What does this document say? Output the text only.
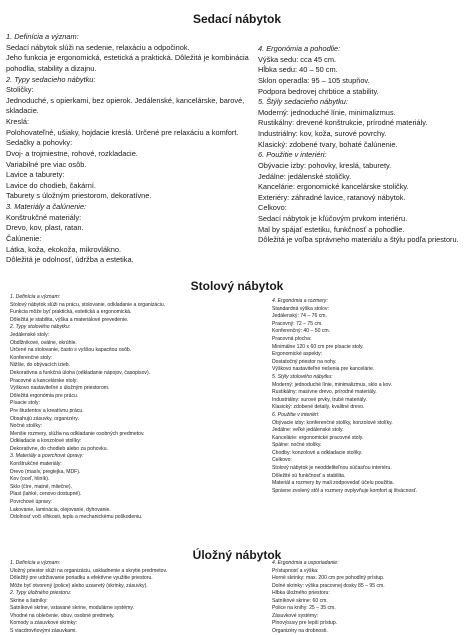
Sedací nábytok
1. Definícia a význam:
Sedací nábytok slúži na sedenie, relaxáciu a odpočinok.
Jeho funkcia je ergonomická, estetická a praktická. Dôležitá je kombinácia
pohodlia, stability a dizajnu.
2. Typy sedacieho nábytku:
Stoličky:
Jednoduché, s opierkami, bez opierok. Jedálenské, kancelárske, barové,
skladacie.
Kreslá:
Polohovateľné, ušiaky, hojdacie kreslá. Určené pre relaxáciu a komfort.
Sedačky a pohovky:
Dvoj- a trojmiestne, rohové, rozkladacie.
Variabilné pre viac osôb.
Lavice a taburety:
Lavice do chodieb, čakární.
Taburety s úložným priestorom, dekoratívne.
3. Materiály a čalúnenie:
Konštrukčné materiály:
Drevo, kov, plast, ratan.
Čalúnenie:
Látka, koža, ekokoža, mikrovlákno.
Dôležitá je odolnosť, údržba a estetika.
4. Ergonómia a pohodlie:
Výška sedu: cca 45 cm.
Hĺbka sedu: 40 – 50 cm.
Sklon operadla: 95 – 105 stupňov.
Podpora bedrovej chrbtice a stability.
5. Štýly sedacieho nábytku:
Moderný: jednoduché línie, minimalizmus.
Rustikálny: drevené konštrukcie, prírodné materiály.
Industriálny: kov, koža, surové povrchy.
Klasický: zdobené tvary, bohaté čalúnenie.
6. Použitie v interiéri:
Obývacie izby: pohovky, kreslá, taburety.
Jedálne: jedálenské stoličky.
Kancelárie: ergonomické kancelárske stoličky.
Exteriéry: záhradné lavice, ratanový nábytok.
Celkovo:
Sedací nábytok je kľúčovým prvkom interiéru.
Mal by spájať estetiku, funkčnosť a pohodlie.
Dôležitá je voľba správneho materiálu a štýlu podľa priestoru.
Stolový nábytok
1. Definícia a význam:
Stolový nábytok slúži na prácu, stolovanie, odkladanie a organizáciu.
Funkcia môže byť praktická, estetická a ergonomická.
Dôležitá je stabilita, výška a materiálové prevedenie.
2. Typy stolového nábytku:
Jedálenské stoly:
Obdĺžnikové, oválne, okrúhle.
Určené na stolovanie, často s vyššou kapacitou osôb.
Konferenčné stoly:
Nižšie, do obývacích izieb.
Dekoratívna a funkčná úloha (odkladanie nápojov, časopisov).
Pracovné a kancelárske stoly:
Výškovo nastaviteľné s úložným priestorom.
Dôležitá ergonómia pre prácu.
Písacie stoly:
Pre študentov a kreatívnu prácu.
Obsahujú zásuvky, organizéry.
Nočné stolíky:
Menšie rozmery, slúžia na odkladanie osobných predmetov.
Odkladacie a konzolové stolíky:
Dekoratívne, do chodieb alebo za pohovku.
3. Materiály a povrchové úpravy:
Konštrukčné materiály:
Drevo (masív, preglejka, MDF).
Kov (oceľ, hliník).
Sklo (číre, matné, mliečne).
Plast (lahké, cenovo dostupné).
Povrchové úpravy:
Lakovanie, laminácia, olejovanie, dyhovanie.
Odolnosť voči vlhkosti, teplu a mechanickému poškodeniu.
4. Ergonómia a rozmery:
Štandardná výška stolov:
Jedálenský: 74 – 76 cm.
Pracovný: 72 – 75 cm.
Konferenčný: 40 – 50 cm.
Pracovná plocha:
Minimálne 120 x 60 cm pre písacie stoly.
Ergonomické aspekty:
Dostatočný priestor na nohy.
Výškovo nastaviteľné riešenia pre kancelárie.
5. Štýly stolového nábytku:
Moderný: jednoduché línie, minimalizmus, sklo a kov.
Rustikálny: masívne drevo, prírodné materiály.
Industriálny: surové prvky, trubé materiály.
Klasický: zdobené detaily, kvalitné drevo.
6. Použitie v interiéri:
Obývacie izby: konferenčné stolíky, konzolové stolíky.
Jedálne: veľké jedálenské stoly.
Kancelárie: ergonomické pracovné stoly.
Spálne: nočné stolíky.
Chodby: konzolové a odkladacie stolíky.
Celkovo:
Stolový nábytok je neoddeliteľnou súčasťou interiéru.
Dôležité sú funkčnosť a stabilita.
Materiál a rozmery by mali zodpovedať účelu použitia.
Správne zvolený stôl a rozmery ovplyvňuje komfort aj štvácnosť.
Úložný nábytok
1. Definícia a význam:
Úložný priestor slúži na organizáciu, uskladnenie a skrytie predmetov.
Dôležitý pre udržiavanie poriadku a efektívne využitie priestoru.
Môže byť otvorený (police) alebo uzavretý (skrinky, zásuvky).
2. Typy úložného priestoru:
Skrine a šatníky:
Šatníkové skrine, vstavané skrine, modulárne systémy.
Vhodné na oblečenie, obuv, osobné predmety.
Komody a zásuvkové skrinky:
S viacdrovňovými zásuvkami.
4. Ergonómia a usporiadanie:
Prístupnosť a výška:
Horné skrinky: max. 200 cm pre pohodlný prístup.
Dolné skrinky: výška pracovnej dosky 85 – 95 cm.
Hĺbka úložného priestoru:
Šatníkové skrine: 60 cm.
Police na knihy: 25 – 35 cm.
Zásuvkové systémy:
Plnovýsuvy pre lepší prístup.
Organizéry na drobnosti.
